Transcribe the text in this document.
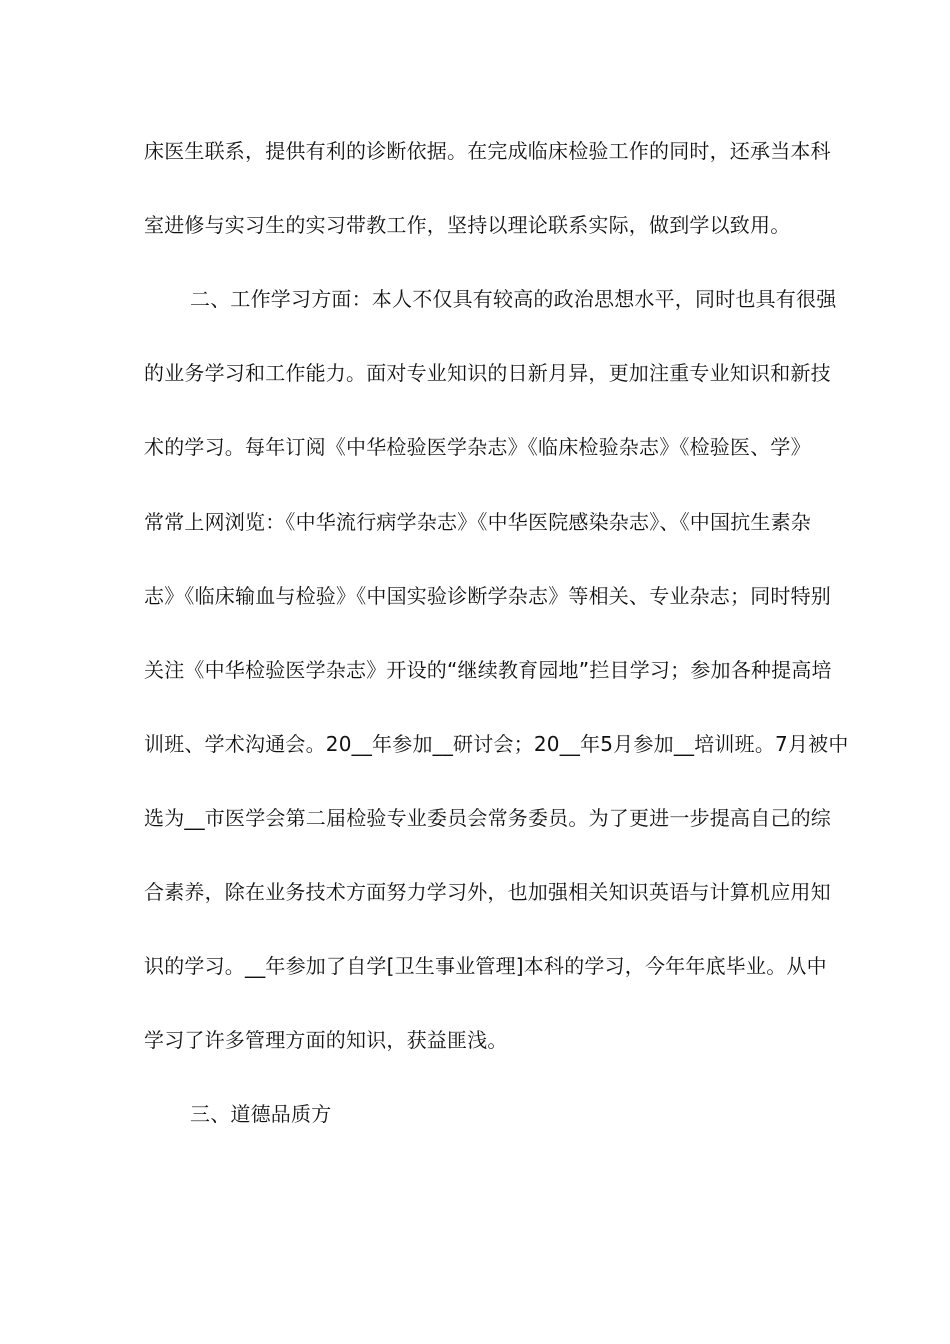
床医生联系，提供有利的诊断依据。在完成临床检验工作的同时，还承当本科
室进修与实习生的实习带教工作，坚持以理论联系实际，做到学以致用。
二、工作学习方面：本人不仅具有较高的政治思想水平，同时也具有很强
的业务学习和工作能力。面对专业知识的日新月异，更加注重专业知识和新技
术的学习。每年订阅《中华检验医学杂志》《临床检验杂志》《检验医、学》
常常上网浏览：《中华流行病学杂志》《中华医院感染杂志》、《中国抗生素杂
志》《临床输血与检验》《中国实验诊断学杂志》等相关、专业杂志；同时特别
关注《中华检验医学杂志》开设的“继续教育园地”拦目学习；参加各种提高培
训班、学术沟通会。20__年参加__研讨会；20__年5月参加__培训班。7月被中
选为__市医学会第二届检验专业委员会常务委员。为了更进一步提高自己的综
合素养，除在业务技术方面努力学习外，也加强相关知识英语与计算机应用知
识的学习。__年参加了自学[卫生事业管理]本科的学习，今年年底毕业。从中
学习了许多管理方面的知识，获益匪浅。
三、道德品质方
